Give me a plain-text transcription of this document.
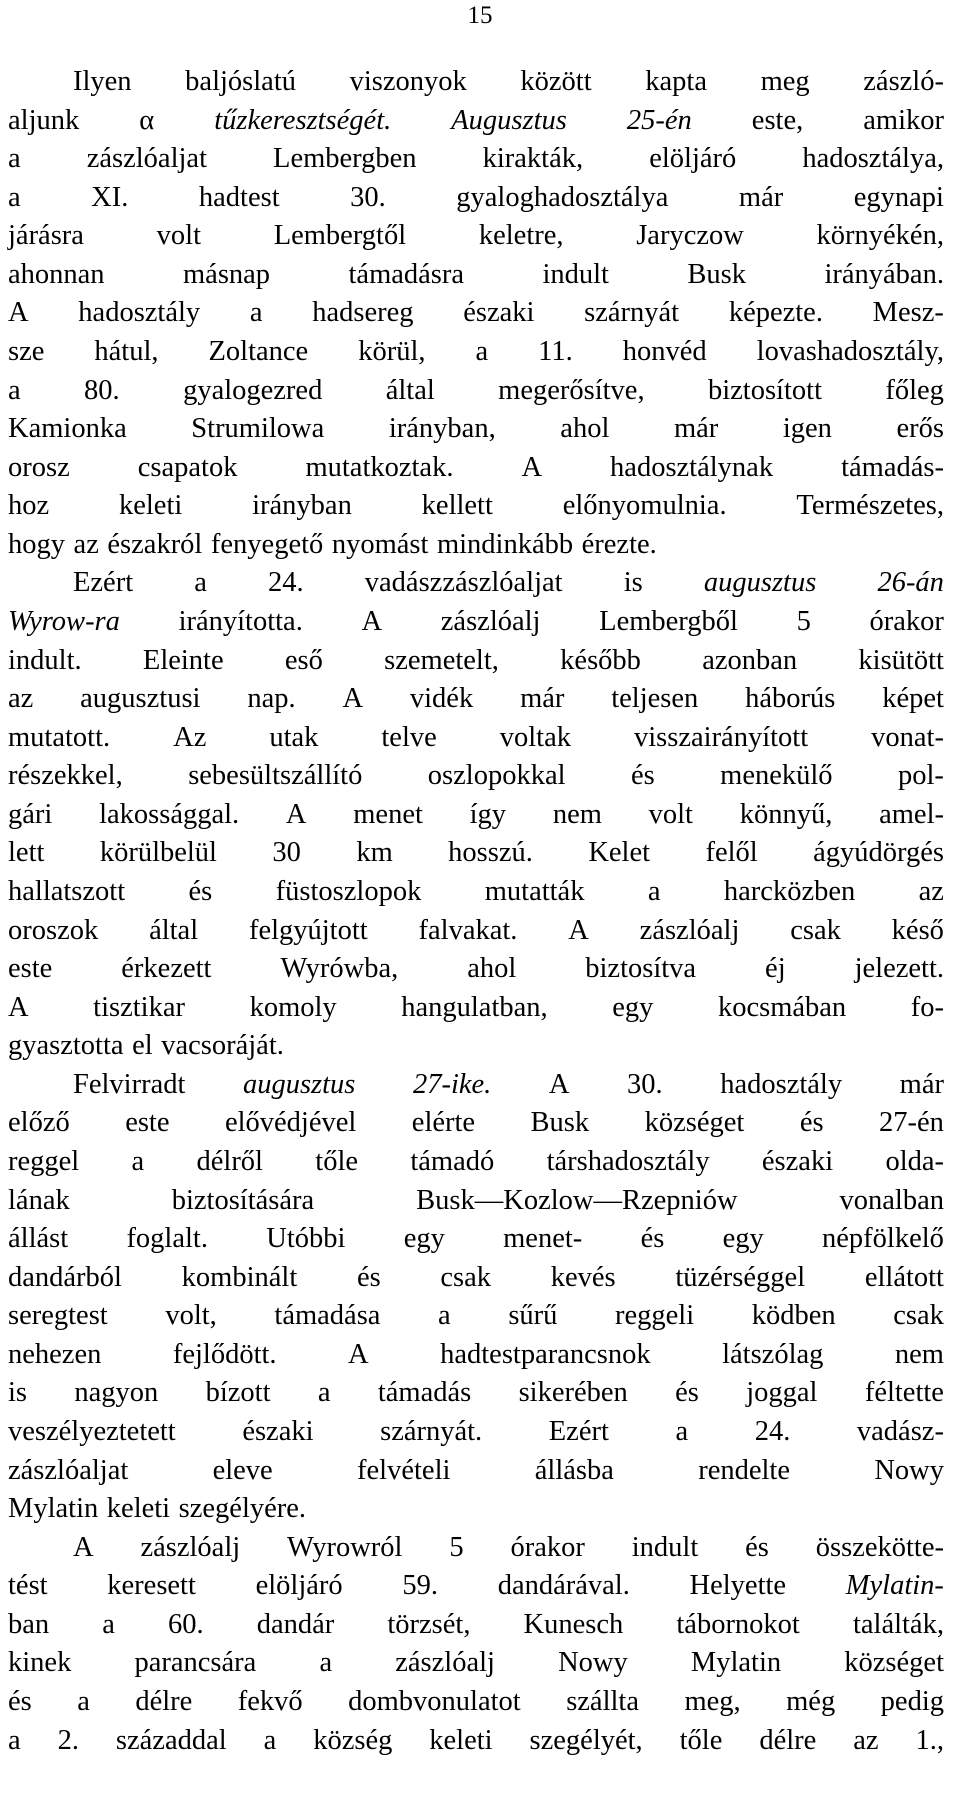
15
Ilyen baljóslatú viszonyok között kapta meg zászló-
aljunk α tűzkeresztségét. Augusztus 25-én este, amikor
a zászlóaljat Lembergben kirakták, elöljáró hadosztálya,
a XI. hadtest 30. gyaloghadosztálya már egynapi
járásra	volt	Lembergtől	keletre,	Jaryczow	környékén,
ahonnan	másnap	támadásra	indult	Busk	irányában.
A hadosztály a hadsereg északi szárnyát képezte. Mesz-
sze hátul, Zoltance körül, a 11. honvéd lovashadosztály,
a 80. gyalogezred által megerősítve, biztosított főleg
Kamionka Strumilowa irányban, ahol már igen erős
orosz csapatok mutatkoztak. A hadosztálynak támadás-
hoz keleti irányban kellett előnyomulnia. Természetes,
hogy az északról fenyegető nyomást mindinkább érezte.
Ezért a 24. vadászzászlóaljat is augusztus 26-án
Wyrow-ra irányította. A zászlóalj Lembergből 5 órakor
indult. Eleinte eső szemetelt, később azonban kisütött
az augusztusi nap. A vidék már teljesen háborús képet
mutatott. Az utak telve voltak visszairányított vonat-
részekkel, sebesültszállító oszlopokkal és menekülő pol-
gári lakossággal. A menet így nem volt könnyű, amel-
lett körülbelül 30 km hosszú. Kelet felől ágyúdörgés
hallatszott és füstoszlopok mutatták a harcközben az
oroszok által felgyújtott falvakat. A zászlóalj csak késő
este érkezett Wyrówba, ahol biztosítva éj jelezett.
A tisztikar komoly hangulatban, egy kocsmában fo-
gyasztotta el vacsoráját.
Felvirradt augusztus 27-ike. A 30. hadosztály már
előző este elővédjével elérte Busk községet és 27-én
reggel a délről tőle támadó társhadosztály északi olda-
lának	biztosítására	Busk—Kozlow—Rzepniów	vonalban
állást foglalt. Utóbbi egy menet- és egy népfölkelő
dandárból kombinált és csak kevés tüzérséggel ellátott
seregtest volt, támadása a sűrű reggeli ködben csak
nehezen	fejlődött.	A	hadtestparancsnok	látszólag	nem
is nagyon bízott a támadás sikerében és joggal féltette
veszélyeztetett északi szárnyát. Ezért a 24. vadász-
zászlóaljat	eleve	felvételi	állásba	rendelte	Nowy
Mylatin keleti szegélyére.
A zászlóalj Wyrowról 5 órakor indult és összeköttе-
tést keresett elöljáró 59. dandárával. Helyette Mylatin-
ban a 60. dandár törzsét, Kunesch tábornokot találták,
kinek parancsára a zászlóalj Nowy Mylatin községet
és a délre fekvő dombvonulatot szállta meg, még pedig
a 2. századdal a község keleti szegélyét, tőle délre az 1.,
